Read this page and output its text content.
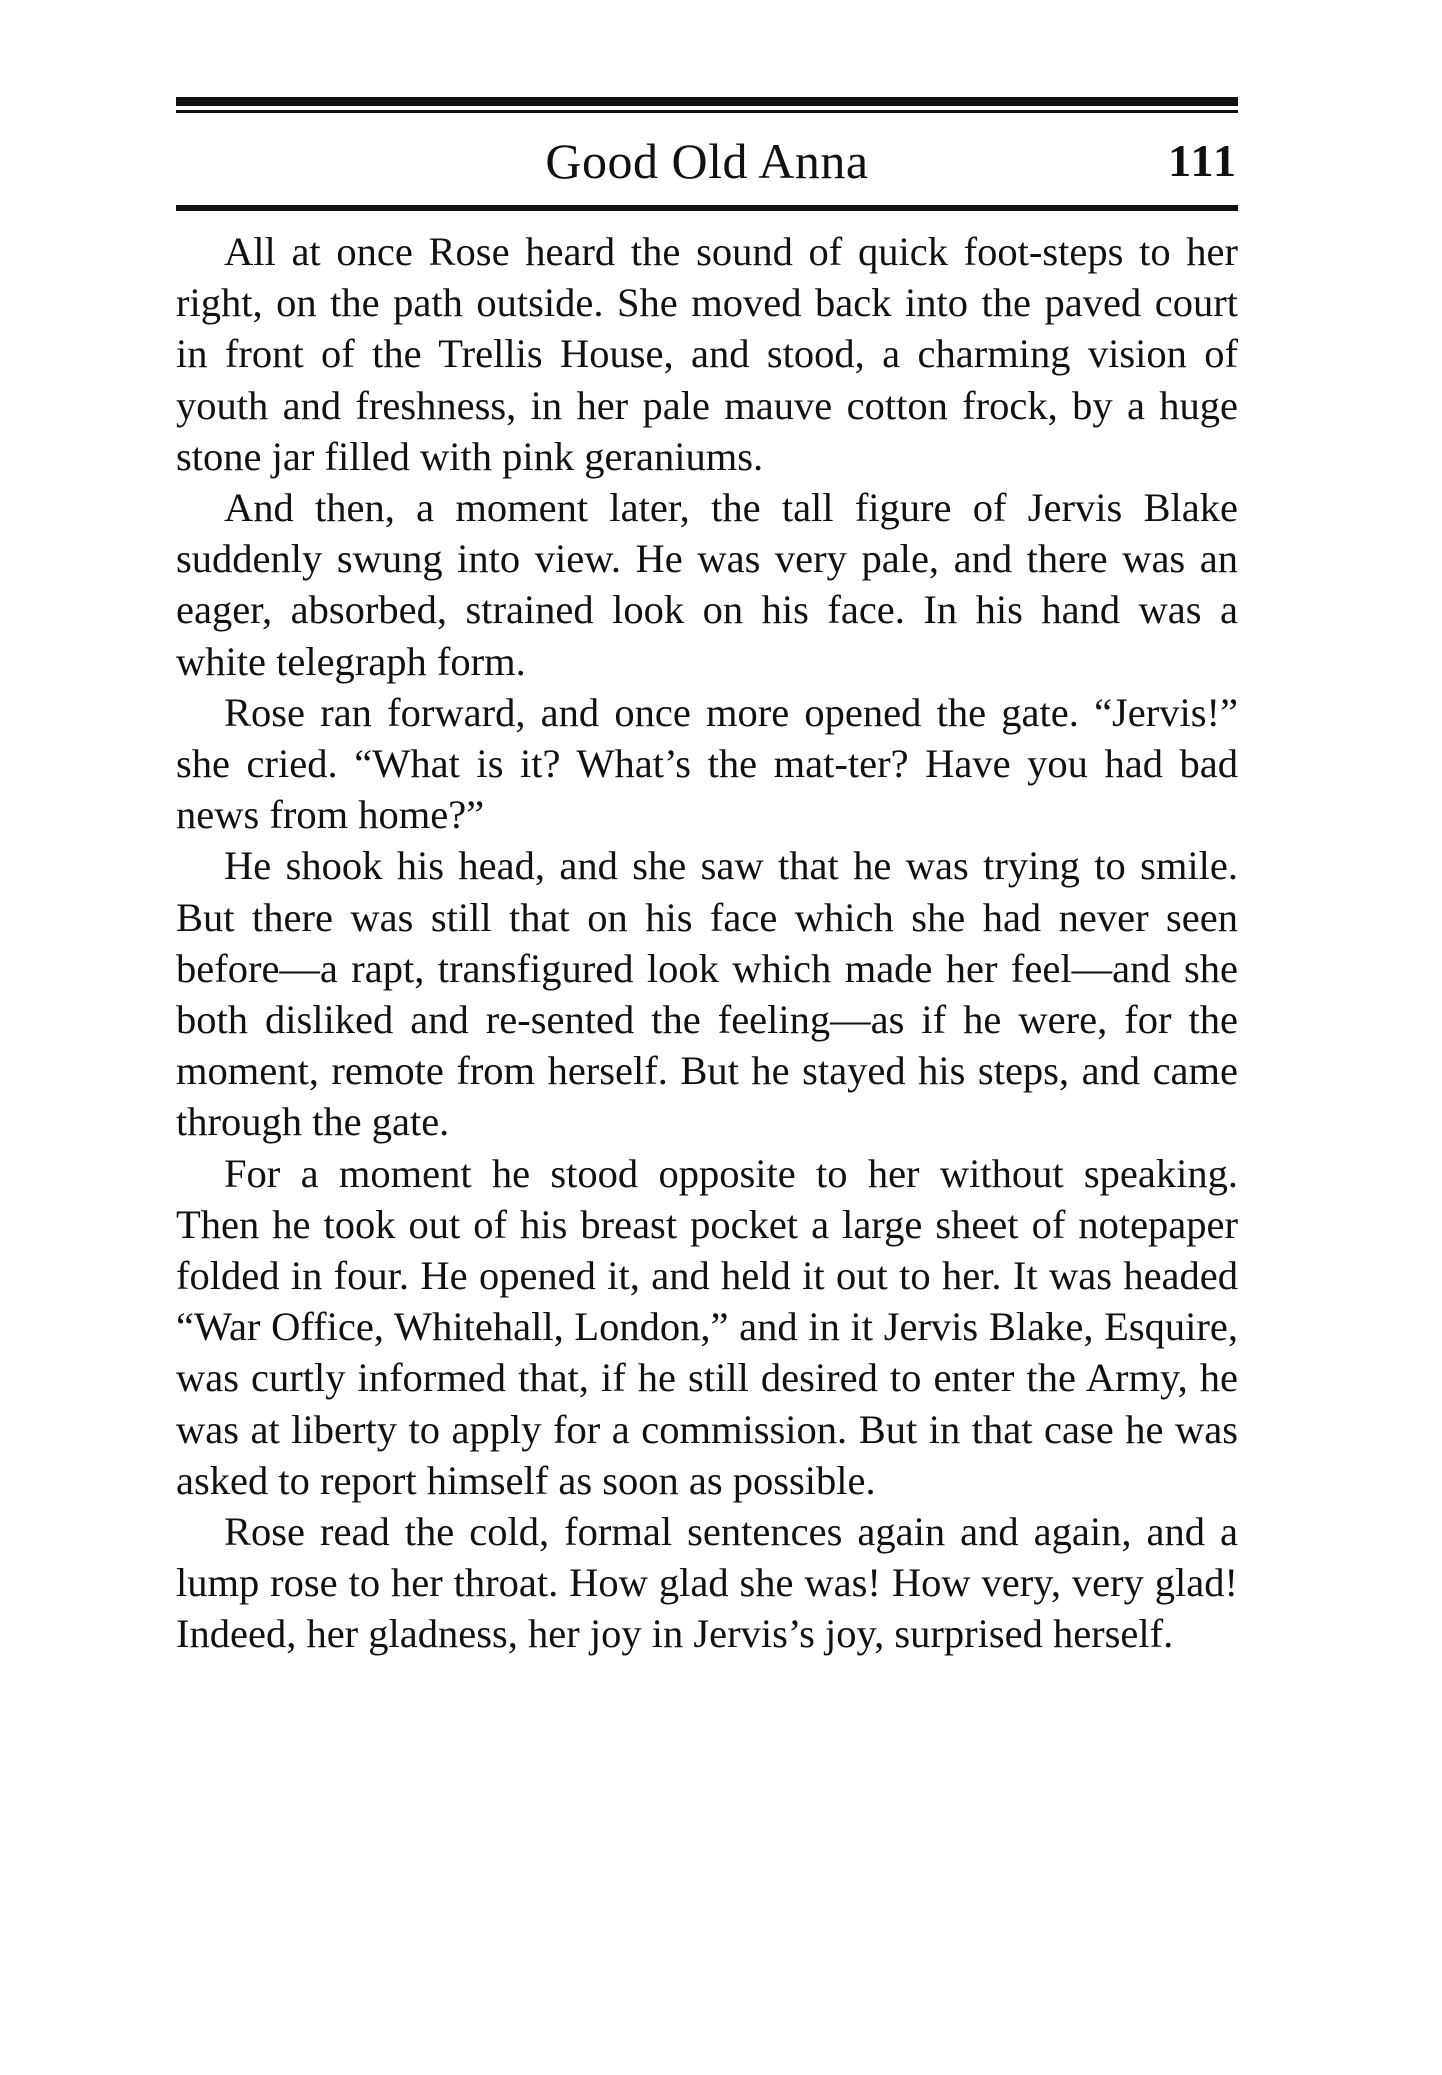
Good Old Anna	111

All at once Rose heard the sound of quick foot-steps to her right, on the path outside. She moved back into the paved court in front of the Trellis House, and stood, a charming vision of youth and freshness, in her pale mauve cotton frock, by a huge stone jar filled with pink geraniums.

And then, a moment later, the tall figure of Jervis Blake suddenly swung into view. He was very pale, and there was an eager, absorbed, strained look on his face. In his hand was a white telegraph form.

Rose ran forward, and once more opened the gate. “Jervis!” she cried. “What is it? What’s the mat-ter? Have you had bad news from home?”

He shook his head, and she saw that he was trying to smile. But there was still that on his face which she had never seen before—a rapt, transfigured look which made her feel—and she both disliked and re-sented the feeling—as if he were, for the moment, remote from herself. But he stayed his steps, and came through the gate.

For a moment he stood opposite to her without speaking. Then he took out of his breast pocket a large sheet of notepaper folded in four. He opened it, and held it out to her. It was headed “War Office, Whitehall, London,” and in it Jervis Blake, Esquire, was curtly informed that, if he still desired to enter the Army, he was at liberty to apply for a commission. But in that case he was asked to report himself as soon as possible.

Rose read the cold, formal sentences again and again, and a lump rose to her throat. How glad she was! How very, very glad! Indeed, her gladness, her joy in Jervis’s joy, surprised herself.
